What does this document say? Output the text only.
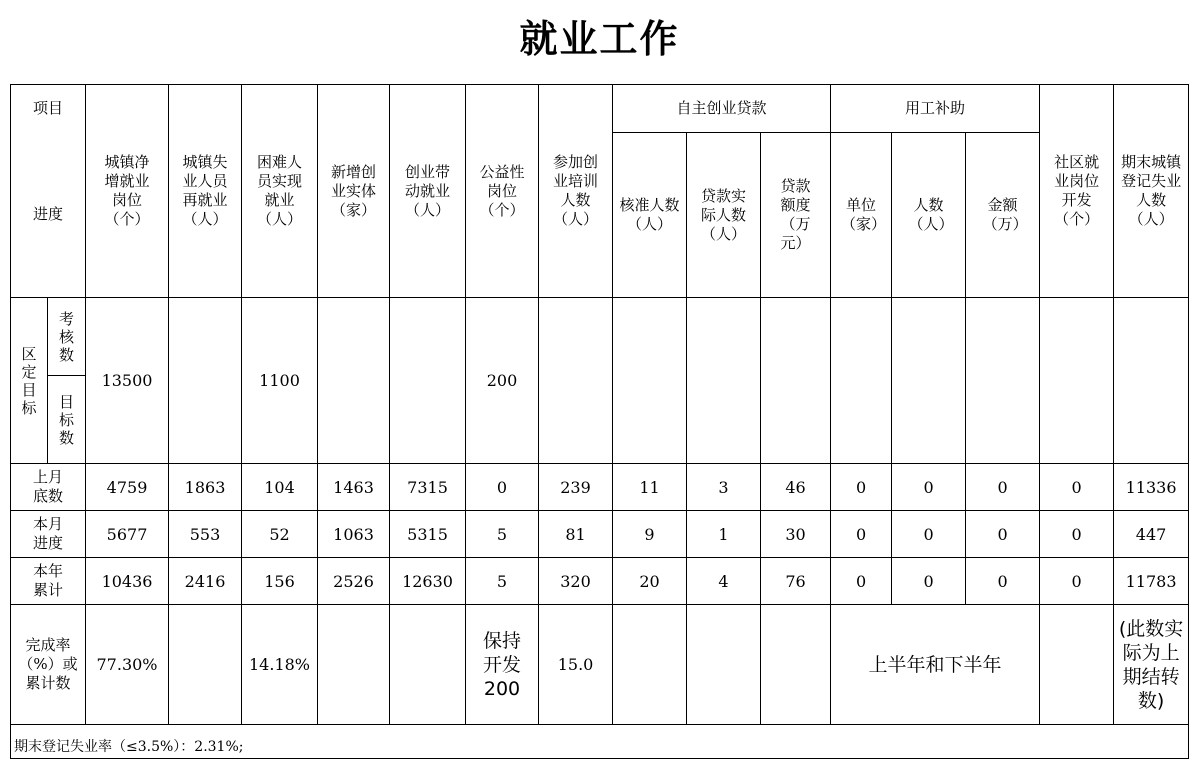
就业工作
项目		城镇净增就业岗位（个）	城镇失业人员再就业（人）	困难人员实现就业（人）	新增创业实体（家）	创业带动就业（人）	公益性岗位（个）	参加创业培训人数（人）	自主创业贷款			用工补助			社区就业岗位开发（个）	期末城镇登记失业人数（人）
进度									核准人数（人）	贷款实际人数（人）	贷款额度（万元）	单位（家）	人数（人）	金额（万）		
区定目标	考核数	13500		1100			200									
	目标数															
上月底数		4759	1863	104	1463	7315	0	239	11	3	46	0	0	0	0	11336
本月进度		5677	553	52	1063	5315	5	81	9	1	30	0	0	0	0	447
本年累计		10436	2416	156	2526	12630	5	320	20	4	76	0	0	0	0	11783
完成率（%）或累计数		77.30%		14.18%			保持开发200	15.0				上半年和下半年				(此数实际为上期结转数)
期末登记失业率（≤3.5%）：2.31%;																
